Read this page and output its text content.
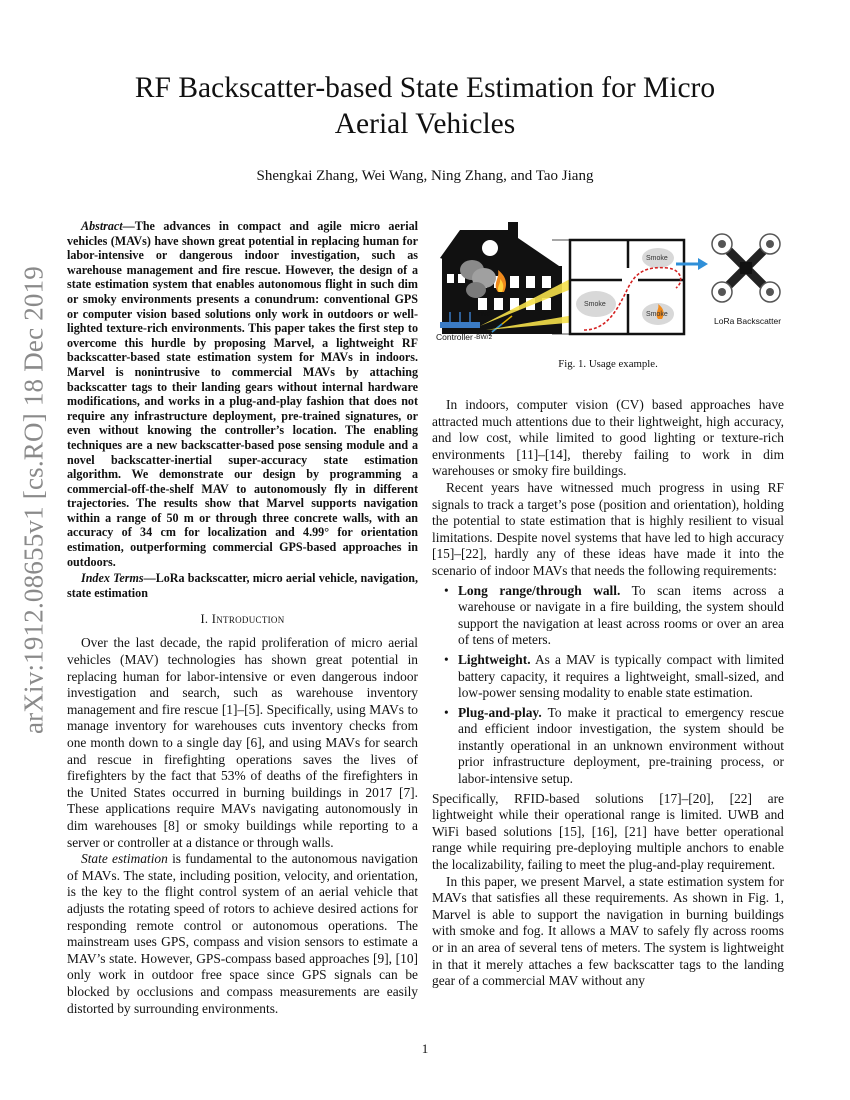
arXiv:1912.08655v1 [cs.RO] 18 Dec 2019
RF Backscatter-based State Estimation for Micro
Aerial Vehicles
Shengkai Zhang, Wei Wang, Ning Zhang, and Tao Jiang

Abstract—The advances in compact and agile micro aerial vehicles (MAVs) have shown great potential in replacing human for labor-intensive or dangerous indoor investigation, such as warehouse management and fire rescue. However, the design of a state estimation system that enables autonomous flight in such dim or smoky environments presents a conundrum: conventional GPS or computer vision based solutions only work in outdoors or well-lighted texture-rich environments. This paper takes the first step to overcome this hurdle by proposing Marvel, a lightweight RF backscatter-based state estimation system for MAVs in indoors. Marvel is nonintrusive to commercial MAVs by attaching backscatter tags to their landing gears without internal hardware modifications, and works in a plug-and-play fashion that does not require any infrastructure deployment, pre-trained signatures, or even without knowing the controller’s location. The enabling techniques are a new backscatter-based pose sensing module and a novel backscatter-inertial super-accuracy state estimation algorithm. We demonstrate our design by programming a commercial-off-the-shelf MAV to autonomously fly in different trajectories. The results show that Marvel supports navigation within a range of 50 m or through three concrete walls, with an accuracy of 34 cm for localization and 4.99° for orientation estimation, outperforming commercial GPS-based approaches in outdoors.

Index Terms—LoRa backscatter, micro aerial vehicle, navigation, state estimation

I. Introduction

Over the last decade, the rapid proliferation of micro aerial vehicles (MAV) technologies has shown great potential in replacing human for labor-intensive or even dangerous indoor investigation and search, such as warehouse inventory management and fire rescue [1]–[5]. Specifically, using MAVs to manage inventory for warehouses cuts inventory checks from one month down to a single day [6], and using MAVs for search and rescue in firefighting operations saves the lives of firefighters by the fact that 53% of deaths of the firefighters in the United States occurred in burning buildings in 2017 [7]. These applications require MAVs navigating autonomously in dim warehouses [8] or smoky buildings while reporting to a server or controller at a distance or through walls.

State estimation is fundamental to the autonomous navigation of MAVs. The state, including position, velocity, and orientation, is the key to the flight control system of an aerial vehicle that adjusts the rotating speed of rotors to achieve desired actions for responding remote control or autonomous operations. The mainstream uses GPS, compass and vision sensors to estimate a MAV’s state. However, GPS-compass based approaches [9], [10] only work in outdoor free space since GPS signals can be blocked by occlusions and compass measurements are easily distorted by surrounding environments.

Controller
BW/2
-BW/2
f
t
Smoke
Smoke
Smoke
LoRa Backscatter
Fig. 1. Usage example.

In indoors, computer vision (CV) based approaches have attracted much attentions due to their lightweight, high accuracy, and low cost, while limited to good lighting or texture-rich environments [11]–[14], thereby failing to work in dim warehouses or smoky fire buildings.

Recent years have witnessed much progress in using RF signals to track a target’s pose (position and orientation), holding the potential to state estimation that is highly resilient to visual limitations. Despite novel systems that have led to high accuracy [15]–[22], hardly any of these ideas have made it into the scenario of indoor MAVs that needs the following requirements:

• Long range/through wall. To scan items across a warehouse or navigate in a fire building, the system should support the navigation at least across rooms or over an area of tens of meters.
• Lightweight. As a MAV is typically compact with limited battery capacity, it requires a lightweight, small-sized, and low-power sensing modality to enable state estimation.
• Plug-and-play. To make it practical to emergency rescue and efficient indoor investigation, the system should be instantly operational in an unknown environment without prior infrastructure deployment, pre-training process, or labor-intensive setup.

Specifically, RFID-based solutions [17]–[20], [22] are lightweight while their operational range is limited. UWB and WiFi based solutions [15], [16], [21] have better operational range while requiring pre-deploying multiple anchors to enable the localizability, failing to meet the plug-and-play requirement.

In this paper, we present Marvel, a state estimation system for MAVs that satisfies all these requirements. As shown in Fig. 1, Marvel is able to support the navigation in burning buildings with smoke and fog. It allows a MAV to safely fly across rooms or in an area of several tens of meters. The system is lightweight in that it merely attaches a few backscatter tags to the landing gear of a commercial MAV without any

1
